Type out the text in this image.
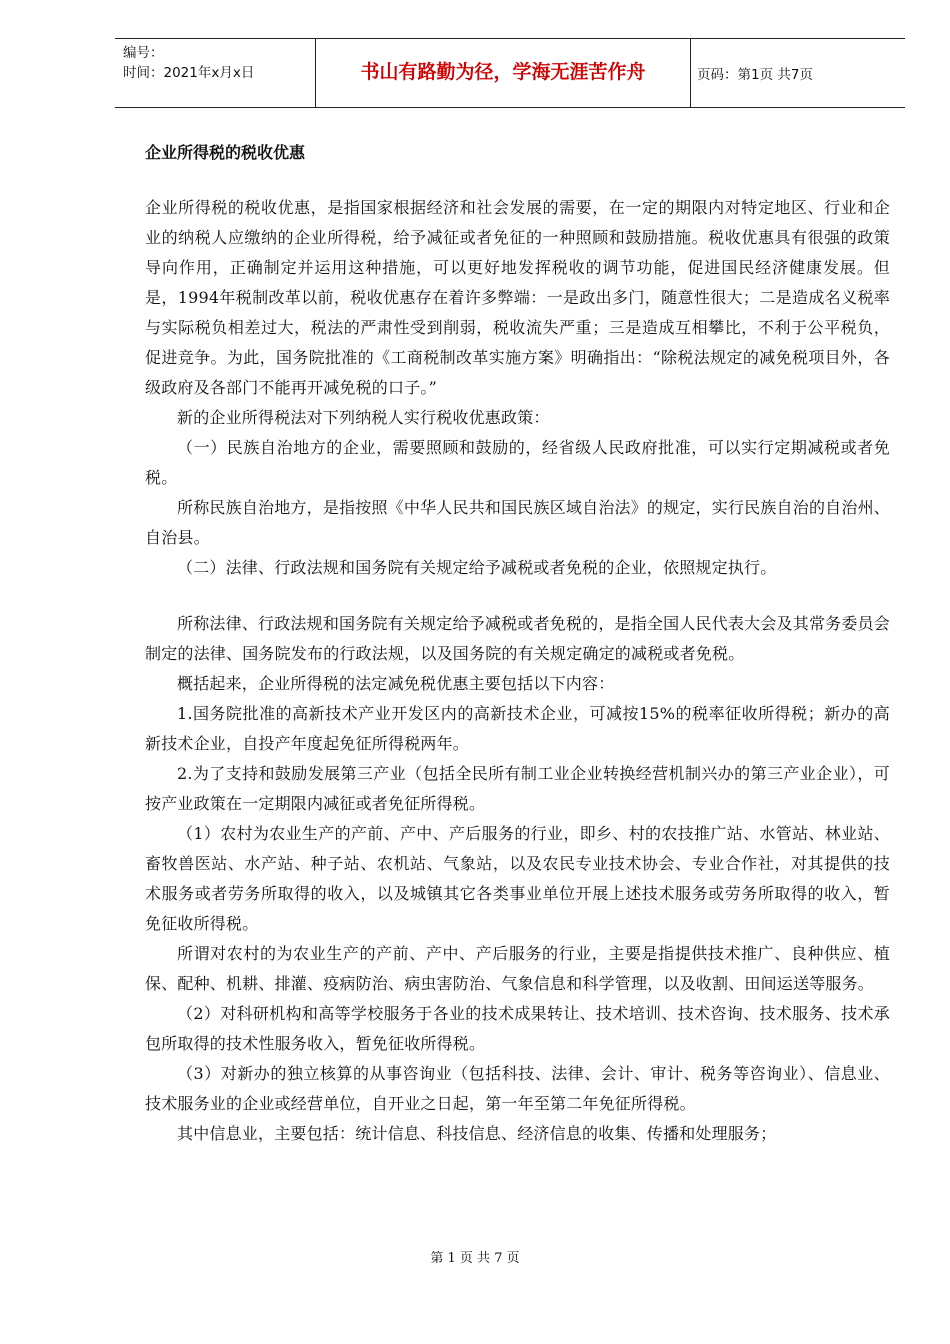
编号：
时间：2021年x月x日	书山有路勤为径，学海无涯苦作舟	页码：第1页 共7页
企业所得税的税收优惠

企业所得税的税收优惠，是指国家根据经济和社会发展的需要，在一定的期限内对特定地区、行业和企业的纳税人应缴纳的企业所得税，给予减征或者免征的一种照顾和鼓励措施。税收优惠具有很强的政策导向作用，正确制定并运用这种措施，可以更好地发挥税收的调节功能，促进国民经济健康发展。但是，1994年税制改革以前，税收优惠存在着许多弊端：一是政出多门，随意性很大；二是造成名义税率与实际税负相差过大，税法的严肃性受到削弱，税收流失严重；三是造成互相攀比，不利于公平税负，促进竞争。为此，国务院批准的《工商税制改革实施方案》明确指出：“除税法规定的减免税项目外，各级政府及各部门不能再开减免税的口子。”

新的企业所得税法对下列纳税人实行税收优惠政策：

（一）民族自治地方的企业，需要照顾和鼓励的，经省级人民政府批准，可以实行定期减税或者免税。

所称民族自治地方，是指按照《中华人民共和国民族区域自治法》的规定，实行民族自治的自治州、自治县。

（二）法律、行政法规和国务院有关规定给予减税或者免税的企业，依照规定执行。

所称法律、行政法规和国务院有关规定给予减税或者免税的，是指全国人民代表大会及其常务委员会制定的法律、国务院发布的行政法规，以及国务院的有关规定确定的减税或者免税。

概括起来，企业所得税的法定减免税优惠主要包括以下内容：

1.国务院批准的高新技术产业开发区内的高新技术企业，可减按15%的税率征收所得税；新办的高新技术企业，自投产年度起免征所得税两年。

2.为了支持和鼓励发展第三产业（包括全民所有制工业企业转换经营机制兴办的第三产业企业），可按产业政策在一定期限内减征或者免征所得税。

（1）农村为农业生产的产前、产中、产后服务的行业，即乡、村的农技推广站、水管站、林业站、畜牧兽医站、水产站、种子站、农机站、气象站，以及农民专业技术协会、专业合作社，对其提供的技术服务或者劳务所取得的收入，以及城镇其它各类事业单位开展上述技术服务或劳务所取得的收入，暂免征收所得税。

所谓对农村的为农业生产的产前、产中、产后服务的行业，主要是指提供技术推广、良种供应、植保、配种、机耕、排灌、疫病防治、病虫害防治、气象信息和科学管理，以及收割、田间运送等服务。

（2）对科研机构和高等学校服务于各业的技术成果转让、技术培训、技术咨询、技术服务、技术承包所取得的技术性服务收入，暂免征收所得税。

（3）对新办的独立核算的从事咨询业（包括科技、法律、会计、审计、税务等咨询业）、信息业、技术服务业的企业或经营单位，自开业之日起，第一年至第二年免征所得税。

其中信息业，主要包括：统计信息、科技信息、经济信息的收集、传播和处理服务；

第 1 页 共 7 页
